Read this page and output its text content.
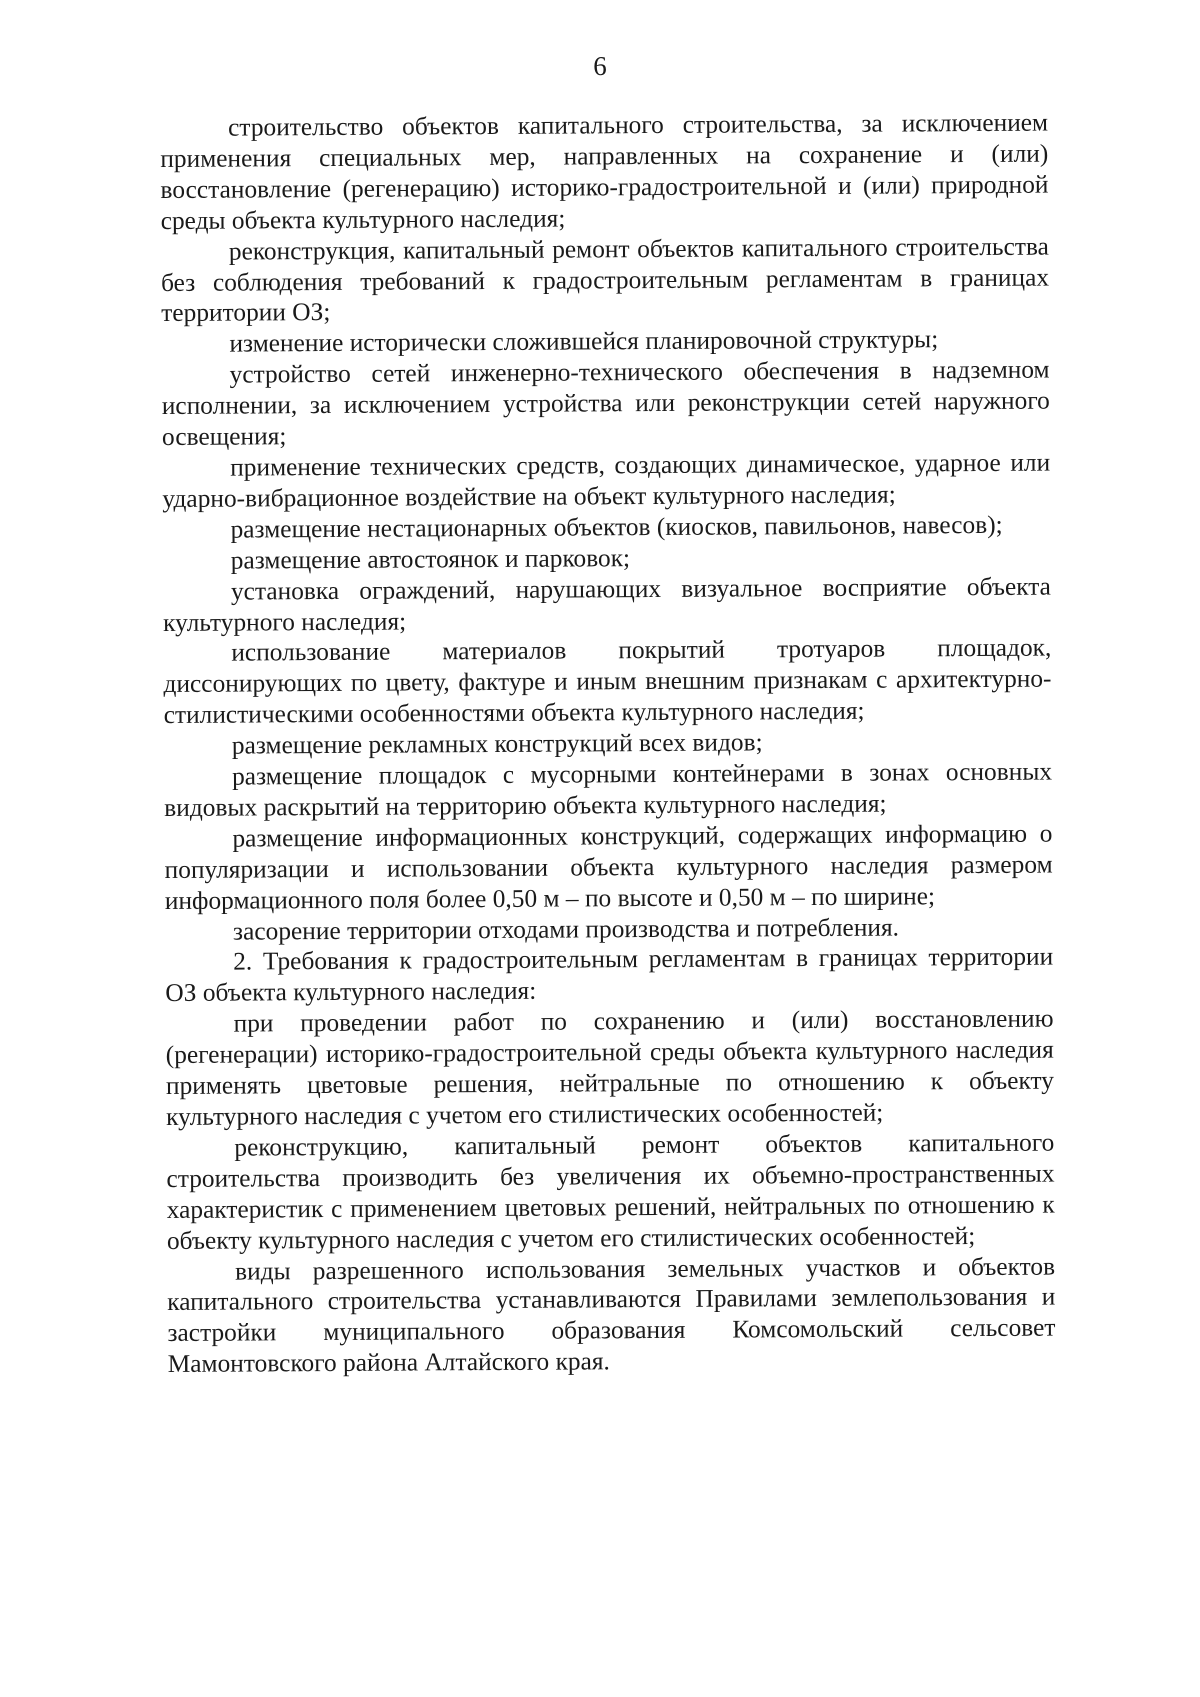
6

строительство объектов капитального строительства, за исключением применения специальных мер, направленных на сохранение и (или) восстановление (регенерацию) историко-градостроительной и (или) природной среды объекта культурного наследия;

реконструкция, капитальный ремонт объектов капитального строительства без соблюдения требований к градостроительным регламентам в границах территории ОЗ;

изменение исторически сложившейся планировочной структуры;

устройство сетей инженерно-технического обеспечения в надземном исполнении, за исключением устройства или реконструкции сетей наружного освещения;

применение технических средств, создающих динамическое, ударное или ударно-вибрационное воздействие на объект культурного наследия;

размещение нестационарных объектов (киосков, павильонов, навесов);

размещение автостоянок и парковок;

установка ограждений, нарушающих визуальное восприятие объекта культурного наследия;

использование материалов покрытий тротуаров площадок, диссонирующих по цвету, фактуре и иным внешним признакам с архитектурно-стилистическими особенностями объекта культурного наследия;

размещение рекламных конструкций всех видов;

размещение площадок с мусорными контейнерами в зонах основных видовых раскрытий на территорию объекта культурного наследия;

размещение информационных конструкций, содержащих информацию о популяризации и использовании объекта культурного наследия размером информационного поля более 0,50 м – по высоте и 0,50 м – по ширине;

засорение территории отходами производства и потребления.

2. Требования к градостроительным регламентам в границах территории ОЗ объекта культурного наследия:

при проведении работ по сохранению и (или) восстановлению (регенерации) историко-градостроительной среды объекта культурного наследия применять цветовые решения, нейтральные по отношению к объекту культурного наследия с учетом его стилистических особенностей;

реконструкцию, капитальный ремонт объектов капитального строительства производить без увеличения их объемно-пространственных характеристик с применением цветовых решений, нейтральных по отношению к объекту культурного наследия с учетом его стилистических особенностей;

виды разрешенного использования земельных участков и объектов капитального строительства устанавливаются Правилами землепользования и застройки муниципального образования Комсомольский сельсовет Мамонтовского района Алтайского края.
